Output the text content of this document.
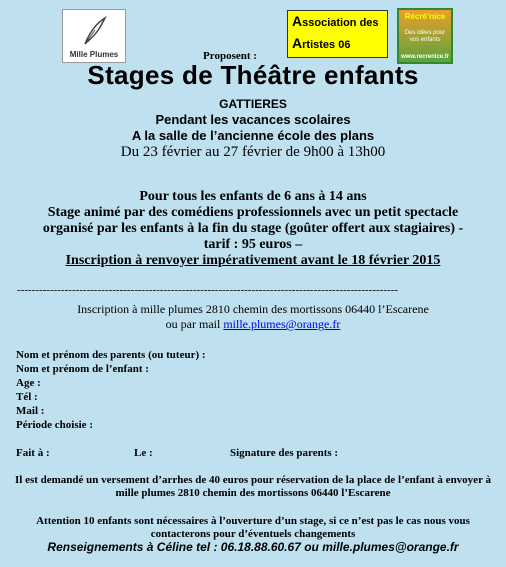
Mille Plumes
Association des
Artistes 06
Récré’nice
Des idées pour vos enfants
www.recrenice.fr
Proposent :
Stages de Théâtre enfants
GATTIERES
Pendant les vacances scolaires
A la salle de l’ancienne école des plans
Du 23 février au 27 février de 9h00 à 13h00
Pour tous les enfants de 6 ans à 14 ans
Stage animé par des comédiens professionnels avec un petit spectacle
organisé par les enfants à la fin du stage (goûter offert aux stagiaires) -
tarif : 95 euros –
Inscription à renvoyer impérativement avant le 18 février 2015
--------------------------------------------------------------------------------------------------------
Inscription à mille plumes 2810 chemin des mortissons 06440 l’Escarene
ou par mail mille.plumes@orange.fr
Nom et prénom des parents (ou tuteur) :
Nom et prénom de l’enfant :
Age :
Tél :
Mail :
Période choisie :
Fait à :	Le :	Signature des parents :
Il est demandé un versement d’arrhes de 40 euros pour réservation de la place de l’enfant à envoyer à mille plumes 2810 chemin des mortissons 06440 l’Escarene
Attention 10 enfants sont nécessaires à l’ouverture d’un stage, si ce n’est pas le cas nous vous contacterons pour d’éventuels changements
Renseignements à Céline tel : 06.18.88.60.67 ou mille.plumes@orange.fr
